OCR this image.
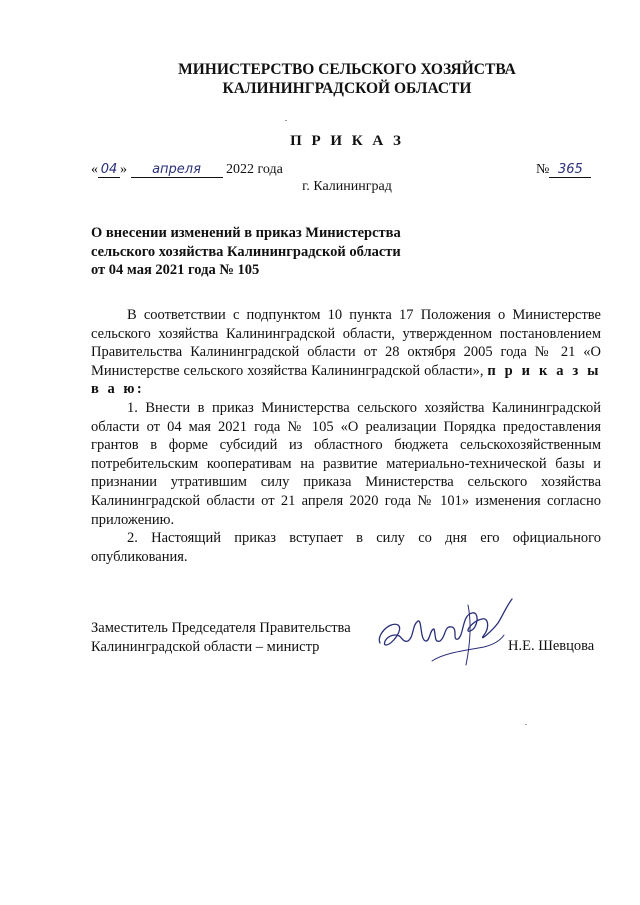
МИНИСТЕРСТВО СЕЛЬСКОГО ХОЗЯЙСТВА
КАЛИНИНГРАДСКОЙ ОБЛАСТИ
П Р И К А З
« 04 » апреля 2022 года	№ 365
г. Калининград
О внесении изменений в приказ Министерства
сельского хозяйства Калининградской области
от 04 мая 2021 года № 105

В соответствии с подпунктом 10 пункта 17 Положения о Министерстве сельского хозяйства Калининградской области, утвержденном постановлением Правительства Калининградской области от 28 октября 2005 года № 21 «О Министерстве сельского хозяйства Калининградской области», п р и к а з ы в а ю:

1. Внести в приказ Министерства сельского хозяйства Калининградской области от 04 мая 2021 года № 105 «О реализации Порядка предоставления грантов в форме субсидий из областного бюджета сельскохозяйственным потребительским кооперативам на развитие материально-технической базы и признании утратившим силу приказа Министерства сельского хозяйства Калининградской области от 21 апреля 2020 года № 101» изменения согласно приложению.

2. Настоящий приказ вступает в силу со дня его официального опубликования.

Заместитель Председателя Правительства
Калининградской области – министр	Н.Е. Шевцова
